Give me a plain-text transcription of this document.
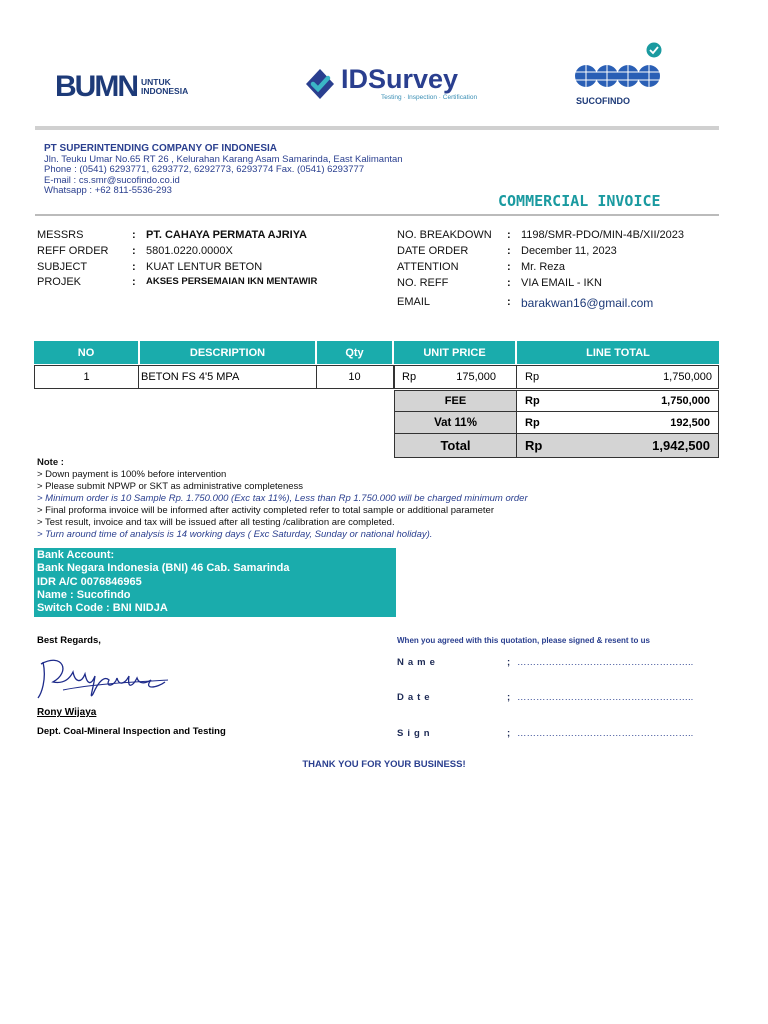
BUMN UNTUK
INDONESIA	IDSurvey
Testing · Inspection · Certification	SUCOFINDO
PT SUPERINTENDING COMPANY OF INDONESIA
Jln. Teuku Umar No.65 RT 26 , Kelurahan Karang Asam Samarinda, East Kalimantan
Phone : (0541) 6293771, 6293772, 6292773, 6293774 Fax. (0541) 6293777
E-mail : cs.smr@sucofindo.co.id
Whatsapp : +62 811-5536-293
COMMERCIAL INVOICE
MESSRS	: PT. CAHAYA PERMATA AJRIYA
REFF ORDER	: 5801.0220.0000X
SUBJECT	: KUAT LENTUR BETON
PROJEK	:	AKSES PERSEMAIAN IKN MENTAWIR
NO. BREAKDOWN	: 1198/SMR-PDO/MIN-4B/XII/2023
DATE ORDER	: December 11, 2023
ATTENTION	: Mr. Reza
NO. REFF	: VIA EMAIL - IKN
EMAIL	: barakwan16@gmail.com
NO	DESCRIPTION	Qty	UNIT PRICE	LINE TOTAL
1	BETON FS 4'5 MPA	10	Rp	175,000	Rp	1,750,000
FEE	Rp	1,750,000
Vat 11%	Rp	192,500
Total	Rp	1,942,500
Note :
> Down payment is 100% before intervention
> Please submit NPWP or SKT as administrative completeness
> Minimum order is 10 Sample Rp. 1.750.000 (Exc tax 11%), Less than Rp 1.750.000 will be charged minimum order
> Final proforma invoice will be informed after activity completed refer to total sample or additional parameter
> Test result, invoice and tax will be issued after all testing /calibration are completed.
> Turn around time of analysis is 14 working days ( Exc Saturday, Sunday or national holiday).
Bank Account:
Bank Negara Indonesia (BNI) 46 Cab. Samarinda
IDR A/C 0076846965
Name : Sucofindo
Switch Code : BNI NIDJA
Best Regards,
Rony Wijaya
Dept. Coal-Mineral Inspection and Testing
When you agreed with this quotation, please signed & resent to us
Name	; ………………………………………………..
Date	; ………………………………………………..
Sign	; ………………………………………………..
THANK YOU FOR YOUR BUSINESS!
